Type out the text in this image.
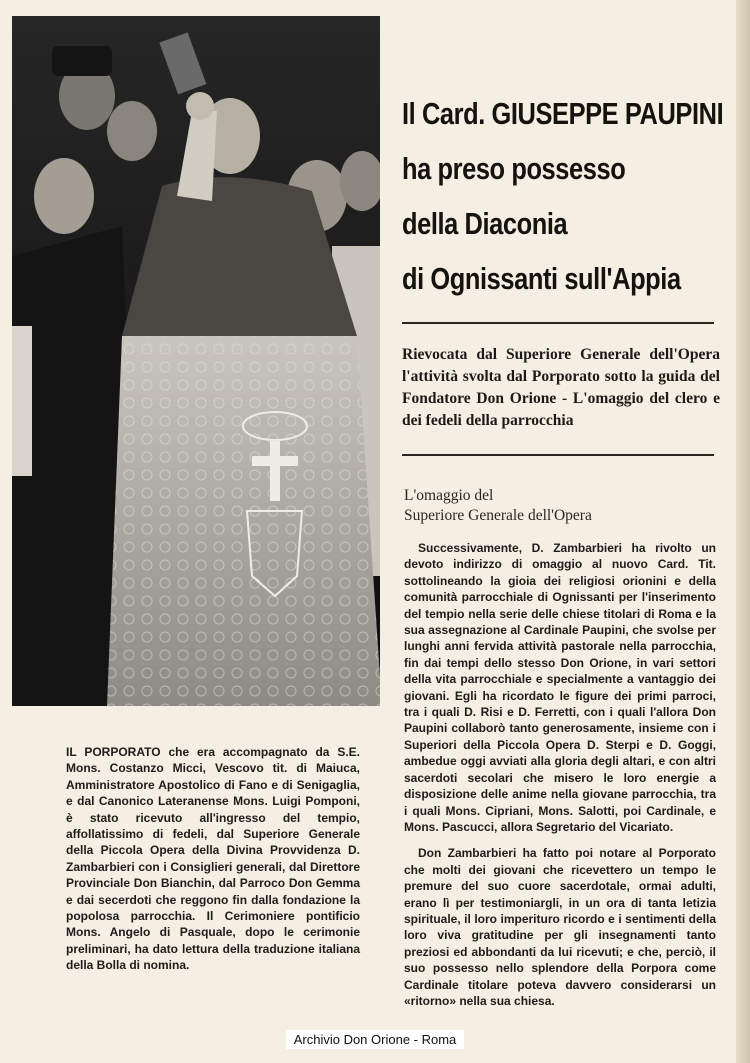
Il Card. GIUSEPPE PAUPINI
ha preso possesso
della Diaconia
di Ognissanti sull'Appia
Rievocata dal Superiore Generale dell'Opera l'attività svolta dal Porporato sotto la guida del Fondatore Don Orione - L'omaggio del clero e dei fedeli della parrocchia
L'omaggio del
Superiore Generale dell'Opera

Successivamente, D. Zambarbieri ha rivolto un devoto indirizzo di omaggio al nuovo Card. Tit. sottolineando la gioia dei religiosi orionini e della comunità parrocchiale di Ognissanti per l'inserimento del tempio nella serie delle chiese titolari di Roma e la sua assegnazione al Cardinale Paupini, che svolse per lunghi anni fervida attività pastorale nella parrocchia, fin dai tempi dello stesso Don Orione, in vari settori della vita parrocchiale e specialmente a vantaggio dei giovani. Egli ha ricordato le figure dei primi parroci, tra i quali D. Risi e D. Ferretti, con i quali l'allora Don Paupini collaborò tanto generosamente, insieme con i Superiori della Piccola Opera D. Sterpi e D. Goggi, ambedue oggi avviati alla gloria degli altari, e con altri sacerdoti secolari che misero le loro energie a disposizione delle anime nella giovane parrocchia, tra i quali Mons. Cipriani, Mons. Salotti, poi Cardinale, e Mons. Pascucci, allora Segretario del Vicariato.

Don Zambarbieri ha fatto poi notare al Porporato che molti dei giovani che ricevettero un tempo le premure del suo cuore sacerdotale, ormai adulti, erano lì per testimoniargli, in un ora di tanta letizia spirituale, il loro imperituro ricordo e i sentimenti della loro viva gratitudine per gli insegnamenti tanto preziosi ed abbondanti da lui ricevuti; e che, perciò, il suo possesso nello splendore della Porpora come Cardinale titolare poteva davvero considerarsi un «ritorno» nella sua chiesa.

IL PORPORATO che era accompagnato da S.E. Mons. Costanzo Micci, Vescovo tit. di Maiuca, Amministratore Apostolico di Fano e di Senigaglia, e dal Canonico Lateranense Mons. Luigi Pomponi, è stato ricevuto all'ingresso del tempio, affollatissimo di fedeli, dal Superiore Generale della Piccola Opera della Divina Provvidenza D. Zambarbieri con i Consiglieri generali, dal Direttore Provinciale Don Bianchin, dal Parroco Don Gemma e dai secerdoti che reggono fin dalla fondazione la popolosa parrocchia. Il Cerimoniere pontificio Mons. Angelo di Pasquale, dopo le cerimonie preliminari, ha dato lettura della traduzione italiana della Bolla di nomina.
Archivio Don Orione - Roma
